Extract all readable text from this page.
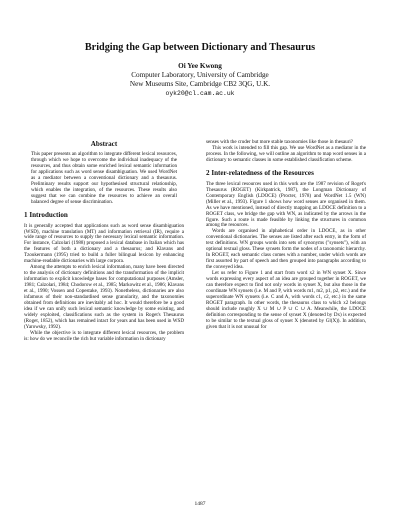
Bridging the Gap between Dictionary and Thesaurus
Oi Yee Kwong
Computer Laboratory, University of Cambridge
New Museums Site, Cambridge CB2 3QG, U.K.
oyk20@cl.cam.ac.uk
Abstract

This paper presents an algorithm to integrate different lexical resources, through which we hope to overcome the individual inadequacy of the resources, and thus obtain some enriched lexical semantic information for applications such as word sense disambiguation. We used WordNet as a mediator between a conventional dictionary and a thesaurus. Preliminary results support our hypothesised structural relationship, which enables the integration, of the resources. These results also suggest that we can combine the resources to achieve an overall balanced degree of sense discrimination.

1 Introduction

It is generally accepted that applications such as word sense disambiguation (WSD), machine translation (MT) and information retrieval (IR), require a wide range of resources to supply the necessary lexical semantic information. For instance, Calzolari (1988) proposed a lexical database in Italian which has the features of both a dictionary and a thesaurus; and Klavans and Tzoukermann (1995) tried to build a fuller bilingual lexicon by enhancing machine-readable dictionaries with large corpora.

Among the attempts to enrich lexical information, many have been directed to the analysis of dictionary definitions and the transformation of the implicit information to explicit knowledge bases for computational purposes (Amsler, 1981; Calzolari, 1984; Chodorow et al., 1985; Markowitz et al., 1986; Klavans et al., 1990; Vossen and Copestake, 1993). Nonetheless, dictionaries are also infamous of their non-standardised sense granularity, and the taxonomies obtained from definitions are inevitably ad hoc. It would therefore be a good idea if we can unify such lexical semantic knowledge by some existing, and widely exploited, classifications such as the system in Roget's Thesaurus (Roget, 1852), which has remained intact for years and has been used in WSD (Yarowsky, 1992).

While the objective is to integrate different lexical resources, the problem is: how do we reconcile the rich but variable information in dictionary

senses with the cruder but more stable taxonomies like those in thesauri?

This work is intended to fill this gap. We use WordNet as a mediator in the process. In the following, we will outline an algorithm to map word senses in a dictionary to semantic classes in some established classification scheme.

2 Inter-relatedness of the Resources

The three lexical resources used in this work are the 1987 revision of Roget's Thesaurus (ROGET) (Kirkpatrick, 1987), the Longman Dictionary of Contemporary English (LDOCE) (Procter, 1978) and WordNet 1.5 (WN) (Miller et al., 1993). Figure 1 shows how word senses are organised in them. As we have mentioned, instead of directly mapping an LDOCE definition to a ROGET class, we bridge the gap with WN, as indicated by the arrows in the figure. Such a route is made feasible by linking the structures in common among the resources.

Words are organised in alphabetical order in LDOCE, as in other conventional dictionaries. The senses are listed after each entry, in the form of text definitions. WN groups words into sets of synonyms ("synsets"), with an optional textual gloss. These synsets form the nodes of a taxonomic hierarchy. In ROGET, each semantic class comes with a number, under which words are first assorted by part of speech and then grouped into paragraphs according to the conveyed idea.

Let us refer to Figure 1 and start from word x2 in WN synset X. Since words expressing every aspect of an idea are grouped together in ROGET, we can therefore expect to find not only words in synset X, but also those in the coordinate WN synsets (i.e. M and P, with words m1, m2, p1, p2, etc.) and the superordinate WN synsets (i.e. C and A, with words c1, c2, etc.) in the same ROGET paragraph. In other words, the thesaurus class to which x2 belongs should include roughly X ∪ M ∪ P ∪ C ∪ A. Meanwhile, the LDOCE definition corresponding to the sense of synset X (denoted by Dx) is expected to be similar to the textual gloss of synset X (denoted by Gl(X)). In addition, given that it is not unusual for

1487
